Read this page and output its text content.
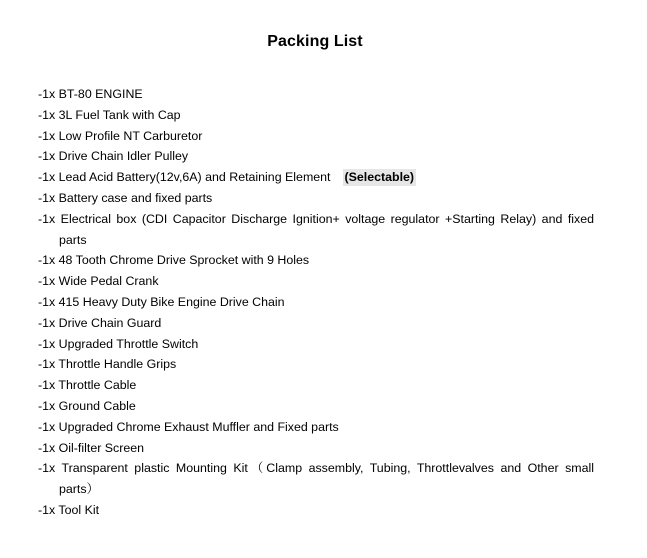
Packing List
-1x BT-80 ENGINE
-1x 3L Fuel Tank with Cap
-1x Low Profile NT Carburetor
-1x Drive Chain Idler Pulley
-1x Lead Acid Battery(12v,6A) and Retaining Element (Selectable)
-1x Battery case and fixed parts
-1x Electrical box (CDI Capacitor Discharge Ignition+ voltage regulator +Starting Relay) and fixed parts
-1x 48 Tooth Chrome Drive Sprocket with 9 Holes
-1x Wide Pedal Crank
-1x 415 Heavy Duty Bike Engine Drive Chain
-1x Drive Chain Guard
-1x Upgraded Throttle Switch
-1x Throttle Handle Grips
-1x Throttle Cable
-1x Ground Cable
-1x Upgraded Chrome Exhaust Muffler and Fixed parts
-1x Oil-filter Screen
-1x Transparent plastic Mounting Kit（Clamp assembly, Tubing, Throttlevalves and Other small parts）
-1x Tool Kit
